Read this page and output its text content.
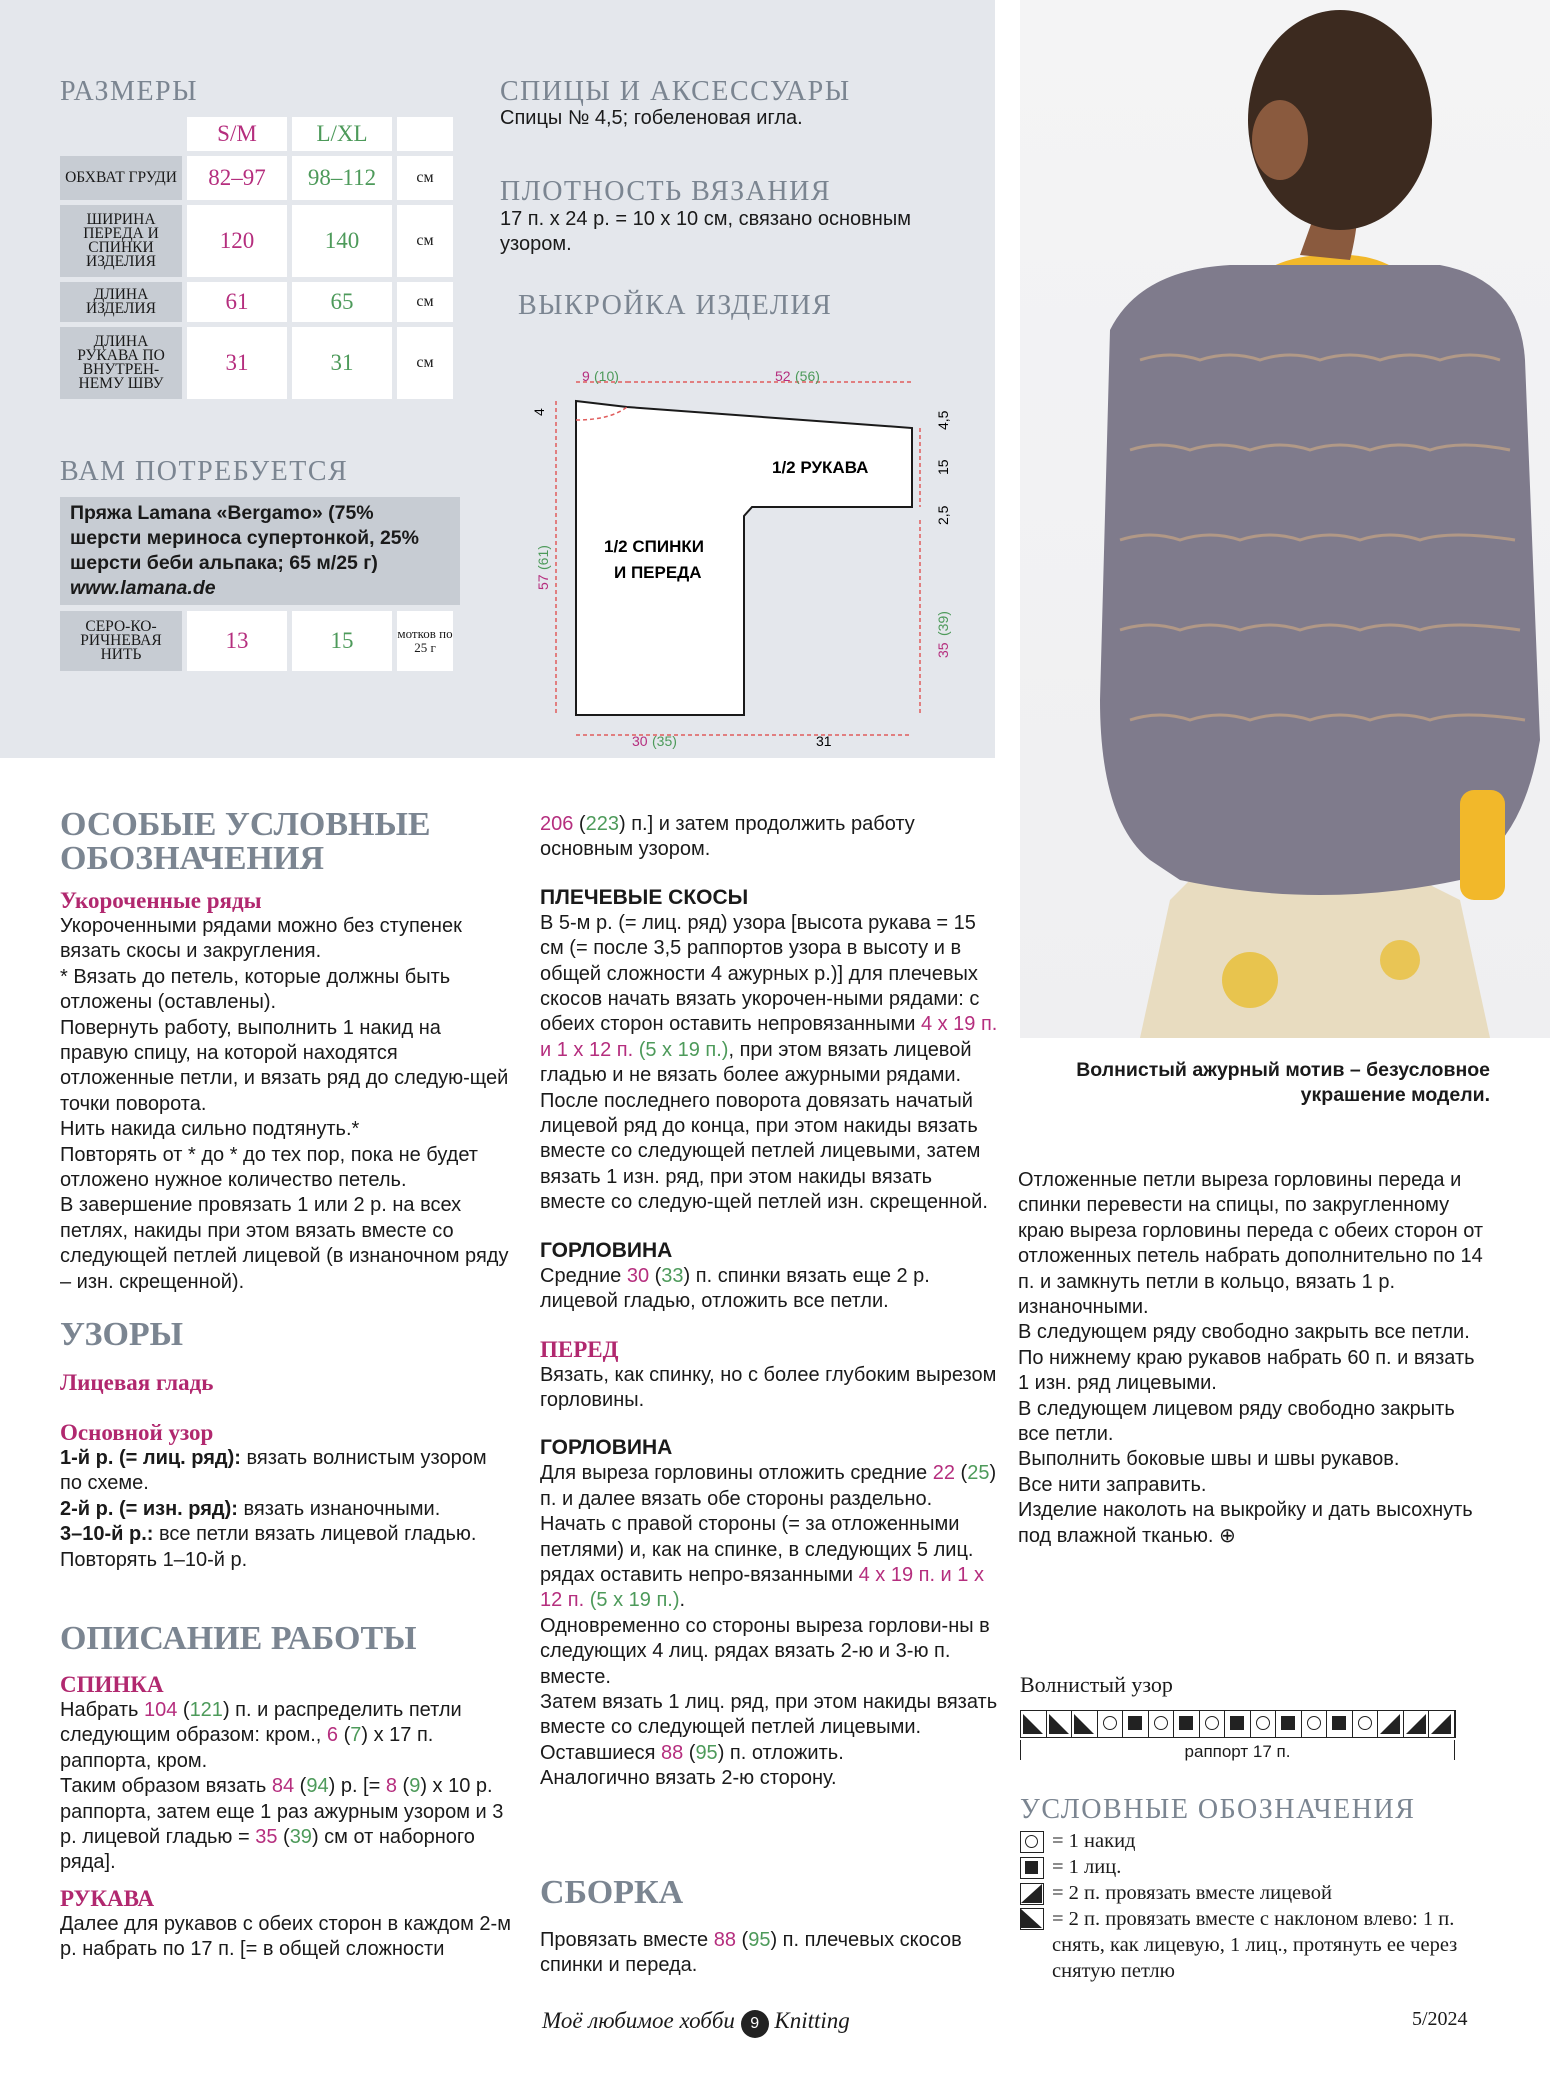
РАЗМЕРЫ
	S/M	L/XL	
ОБХВАТ ГРУДИ	82–97	98–112	см
ШИРИНА ПЕРЕДА И СПИНКИ ИЗДЕЛИЯ	120	140	см
ДЛИНА ИЗДЕЛИЯ	61	65	см
ДЛИНА РУКАВА ПО ВНУТРЕН-НЕМУ ШВУ	31	31	см
ВАМ ПОТРЕБУЕТСЯ
Пряжа Lamana «Bergamo» (75% шерсти мериноса супертонкой, 25% шерсти беби альпака; 65 м/25 г)
www.lamana.de
СЕРО-КО-РИЧНЕВАЯ НИТЬ	13	15	мотков по 25 г
СПИЦЫ И АКСЕССУАРЫ
Спицы № 4,5; гобеленовая игла.
ПЛОТНОСТЬ ВЯЗАНИЯ
17 п. х 24 р. = 10 х 10 см, связано основным узором.
ВЫКРОЙКА ИЗДЕЛИЯ
9 (10)	52 (56)
4
57
(61)
4,5
15
2,5
35
(39)
30 (35)	31
1/2 РУКАВА
1/2 СПИНКИ
И ПЕРЕДА
ОСОБЫЕ УСЛОВНЫЕ ОБОЗНАЧЕНИЯ
Укороченные ряды

Укороченными рядами можно без ступенек вязать скосы и закругления.

* Вязать до петель, которые должны быть отложены (оставлены).

Повернуть работу, выполнить 1 накид на правую спицу, на которой находятся отложенные петли, и вязать ряд до следую-щей точки поворота.

Нить накида сильно подтянуть.*

Повторять от * до * до тех пор, пока не будет отложено нужное количество петель.

В завершение провязать 1 или 2 р. на всех петлях, накиды при этом вязать вместе со следующей петлей лицевой (в изнаночном ряду – изн. скрещенной).

УЗОРЫ
Лицевая гладь
Основной узор

1-й р. (= лиц. ряд): вязать волнистым узором по схеме.

2-й р. (= изн. ряд): вязать изнаночными.

3–10-й р.: все петли вязать лицевой гладью.

Повторять 1–10-й р.

ОПИСАНИЕ РАБОТЫ
СПИНКА

Набрать 104 (121) п. и распределить петли следующим образом: кром., 6 (7) х 17 п. раппорта, кром.

Таким образом вязать 84 (94) р. [= 8 (9) х 10 р. раппорта, затем еще 1 раз ажурным узором и 3 р. лицевой гладью = 35 (39) см от наборного ряда].

РУКАВА

Далее для рукавов с обеих сторон в каждом 2-м р. набрать по 17 п. [= в общей сложности

206 (223) п.] и затем продолжить работу основным узором.

ПЛЕЧЕВЫЕ СКОСЫ

В 5-м р. (= лиц. ряд) узора [высота рукава = 15 см (= после 3,5 раппортов узора в высоту и в общей сложности 4 ажурных р.)] для плечевых скосов начать вязать укорочен-ными рядами: с обеих сторон оставить непровязанными 4 х 19 п. и 1 х 12 п. (5 х 19 п.), при этом вязать лицевой гладью и не вязать более ажурными рядами.

После последнего поворота довязать начатый лицевой ряд до конца, при этом накиды вязать вместе со следующей петлей лицевыми, затем вязать 1 изн. ряд, при этом накиды вязать вместе со следую-щей петлей изн. скрещенной.

ГОРЛОВИНА

Средние 30 (33) п. спинки вязать еще 2 р. лицевой гладью, отложить все петли.

ПЕРЕД

Вязать, как спинку, но с более глубоким вырезом горловины.

ГОРЛОВИНА

Для выреза горловины отложить средние 22 (25) п. и далее вязать обе стороны раздельно. Начать с правой стороны (= за отложенными петлями) и, как на спинке, в следующих 5 лиц. рядах оставить непро-вязанными 4 х 19 п. и 1 х 12 п. (5 х 19 п.).

Одновременно со стороны выреза горлови-ны в следующих 4 лиц. рядах вязать 2-ю и 3-ю п. вместе.

Затем вязать 1 лиц. ряд, при этом накиды вязать вместе со следующей петлей лицевыми. Оставшиеся 88 (95) п. отложить.

Аналогично вязать 2-ю сторону.

СБОРКА

Провязать вместе 88 (95) п. плечевых скосов спинки и переда.

Волнистый ажурный мотив – безусловное украшение модели.

Отложенные петли выреза горловины переда и спинки перевести на спицы, по закругленному краю выреза горловины переда с обеих сторон от отложенных петель набрать дополнительно по 14 п. и замкнуть петли в кольцо, вязать 1 р. изнаночными.

В следующем ряду свободно закрыть все петли.

По нижнему краю рукавов набрать 60 п. и вязать 1 изн. ряд лицевыми.

В следующем лицевом ряду свободно закрыть все петли.

Выполнить боковые швы и швы рукавов.

Все нити заправить.

Изделие наколоть на выкройку и дать высохнуть под влажной тканью. ⊕

Волнистый узор
раппорт 17 п.
УСЛОВНЫЕ ОБОЗНАЧЕНИЯ
= 1 накид
= 1 лиц.
= 2 п. провязать вместе лицевой
= 2 п. провязать вместе с наклоном влево: 1 п. снять, как лицевую, 1 лиц., протянуть ее через снятую петлю
Моё любимое хобби 9 Knitting	5/2024
